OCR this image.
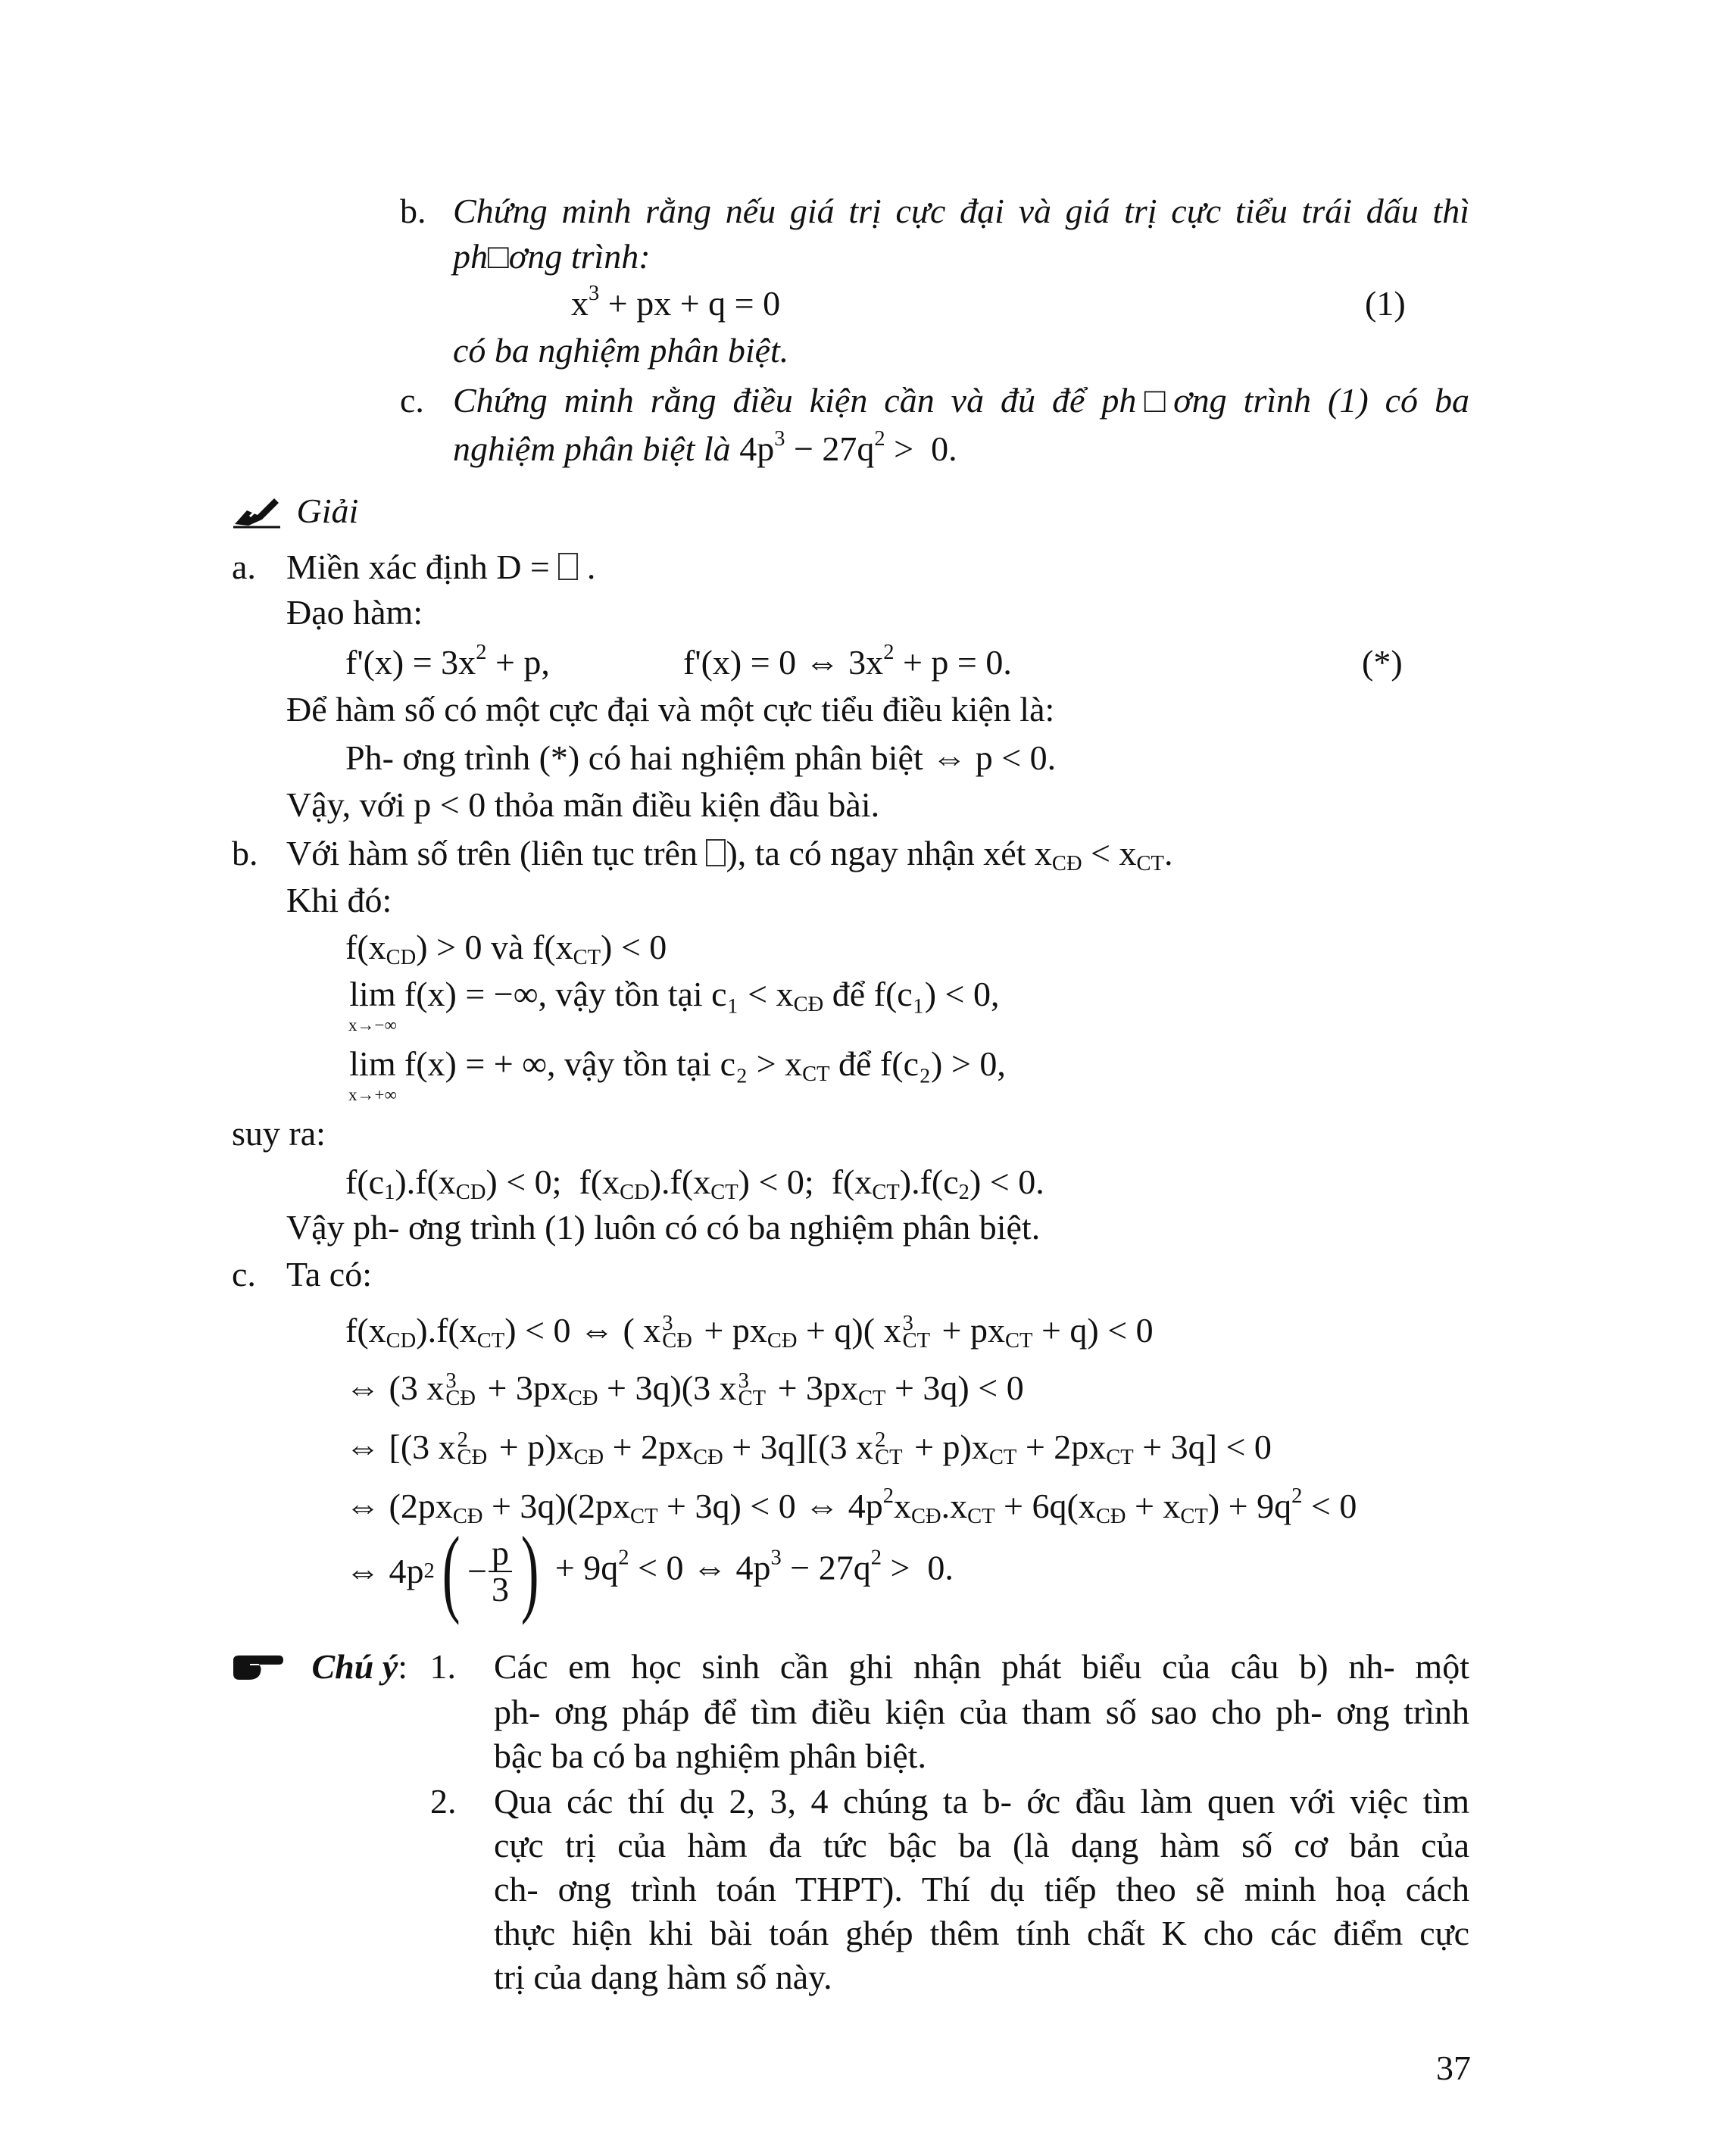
b. Chứng minh rằng nếu giá trị cực đại và giá trị cực tiểu trái dấu thì
ph□ơng trình:
$x^3$ + px + q = 0	(1)
có ba nghiệm phân biệt.
c. Chứng minh rằng điều kiện cần và đủ để ph□ơng trình (1) có ba
nghiệm phân biệt là $4p^3 - 27q^2 > 0$.
Giải
a. Miền xác định D =  .
Đạo hàm:
$f'(x) = 3x^2 + p$,	f'(x) = 0 ⇔ $3x^2 + p = 0$.	(*)
Để hàm số có một cực đại và một cực tiểu điều kiện là:
Ph- ơng trình (*) có hai nghiệm phân biệt ⇔ p < 0.
Vậy, với p < 0 thỏa mãn điều kiện đầu bài.
b. Với hàm số trên (liên tục trên ), ta có ngay nhận xét $x_{CĐ} < x_{CT}$.
Khi đó:
$f(x_{CD}) > 0$ và $f(x_{CT}) < 0$
lim
x→−∞
f(x) = −∞, vậy tồn tại $c_1 < x_{CĐ}$ để f(c₁) < 0,
lim
x→+∞
f(x) = + ∞, vậy tồn tại $c_2 > x_{CT}$ để f(c₂) > 0,
suy ra:
$f(c_1).f(x_{CD}) < 0$;  $f(x_{CD}).f(x_{CT}) < 0$;  $f(x_{CT}).f(c_2) < 0$.
Vậy ph- ơng trình (1) luôn có có ba nghiệm phân biệt.
c. Ta có:
$f(x_{CD}).f(x_{CT}) < 0$ ⇔ ( x 3
CĐ + $px_{CĐ} + q$)( x 3
CT + $px_{CT} + q) < 0$
⇔ (3 x 3
CĐ + $3px_{CĐ} + 3q)(3$ x 3
CT + $3px_{CT} + 3q) < 0$
⇔ [(3 x 2
CĐ + $p)x_{CĐ} + 2px_{CĐ} + 3q][(3$ x 2
CT + $p)x_{CT} + 2px_{CT} + 3q] < 0$
⇔ $(2px_{CĐ} + 3q)(2px_{CT} + 3q) < 0$ ⇔ $4p^2x_{CĐ}.x_{CT} + 6q(x_{CĐ} + x_{CT}) + 9q^2 < 0$
⇔ 4p 2 ( − $\frac{p}{3}$ ) + $9q^2 < 0$ ⇔ $4p^3 - 27q^2 > 0$.
Chú ý: 1. Các em học sinh cần ghi nhận phát biểu của câu b) nh- một
ph- ơng pháp để tìm điều kiện của tham số sao cho ph- ơng trình
bậc ba có ba nghiệm phân biệt.
2. Qua các thí dụ 2, 3, 4 chúng ta b- ớc đầu làm quen với việc tìm
cực trị của hàm đa tức bậc ba (là dạng hàm số cơ bản của
ch- ơng trình toán THPT). Thí dụ tiếp theo sẽ minh hoạ cách
thực hiện khi bài toán ghép thêm tính chất K cho các điểm cực
trị của dạng hàm số này.
37
